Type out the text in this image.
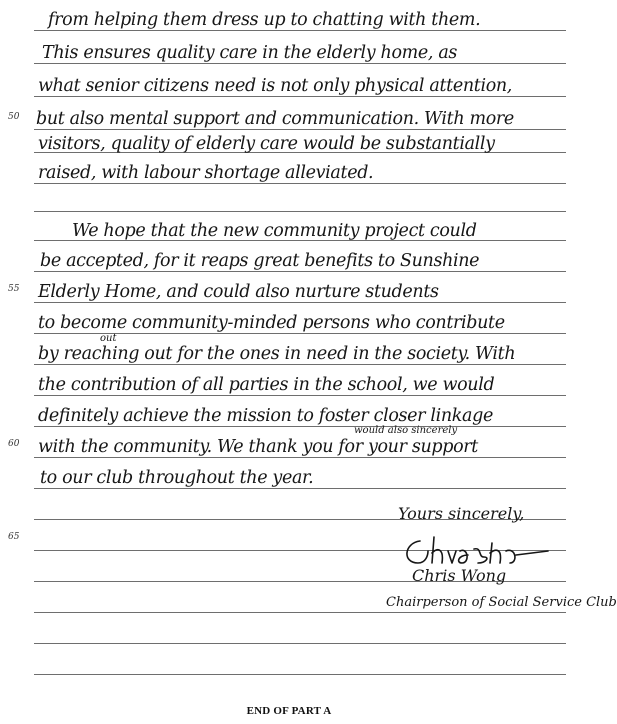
50
55
60
65
from helping them dress up to chatting with them.
This ensures quality care in the elderly home, as
what senior citizens need is not only physical attention,
but also mental support and communication. With more
visitors, quality of elderly care would be substantially
raised, with labour shortage alleviated.
We hope that the new community project could
be accepted, for it reaps great benefits to Sunshine
Elderly Home, and could also nurture students
to become community-minded persons who contribute
by reaching out for the ones in need in the society. With
out
the contribution of all parties in the school, we would
definitely achieve the mission to foster closer linkage
with the community. We thank you for your support
would also sincerely
to our club throughout the year.
Yours sincerely,
Chris Wong
Chairperson of Social Service Club
END OF PART A
